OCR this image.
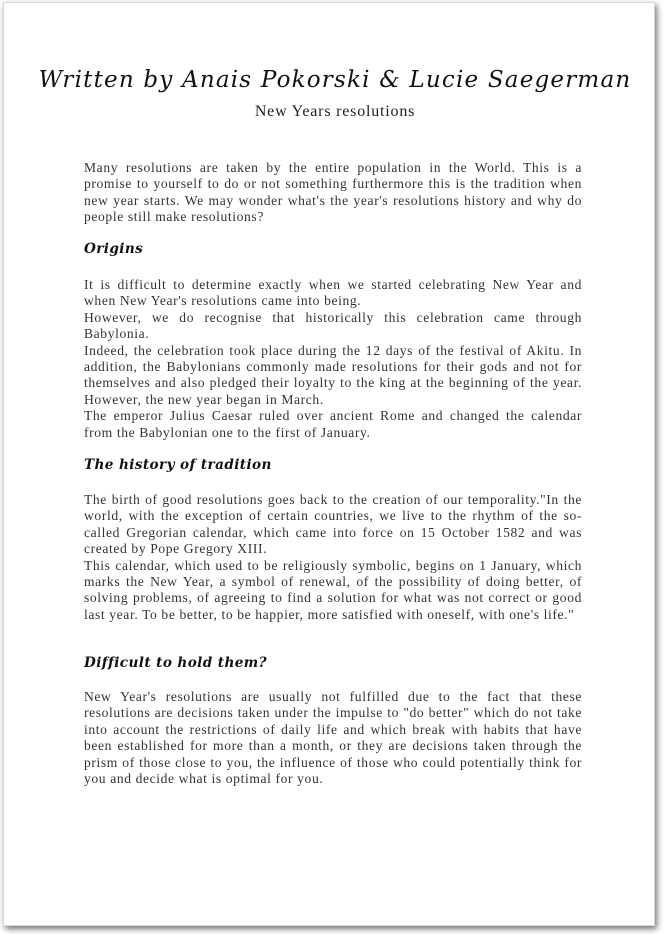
Written by Anais Pokorski & Lucie Saegerman
New Years resolutions
Many resolutions are taken by the entire population in the World. This is a promise to yourself to do or not something furthermore this is the tradition when new year starts. We may wonder what's the year's resolutions history and why do people still make resolutions?
Origins
It is difficult to determine exactly when we started celebrating New Year and when New Year's resolutions came into being.
However, we do recognise that historically this celebration came through Babylonia.
Indeed, the celebration took place during the 12 days of the festival of Akitu. In addition, the Babylonians commonly made resolutions for their gods and not for themselves and also pledged their loyalty to the king at the beginning of the year. However, the new year began in March.
The emperor Julius Caesar ruled over ancient Rome and changed the calendar from the Babylonian one to the first of January.
The history of tradition
The birth of good resolutions goes back to the creation of our temporality."In the world, with the exception of certain countries, we live to the rhythm of the so-called Gregorian calendar, which came into force on 15 October 1582 and was created by Pope Gregory XIII.
This calendar, which used to be religiously symbolic, begins on 1 January, which marks the New Year, a symbol of renewal, of the possibility of doing better, of solving problems, of agreeing to find a solution for what was not correct or good last year. To be better, to be happier, more satisfied with oneself, with one's life."
Difficult to hold them?
New Year's resolutions are usually not fulfilled due to the fact that these resolutions are decisions taken under the impulse to "do better" which do not take into account the restrictions of daily life and which break with habits that have been established for more than a month, or they are decisions taken through the prism of those close to you, the influence of those who could potentially think for you and decide what is optimal for you.
